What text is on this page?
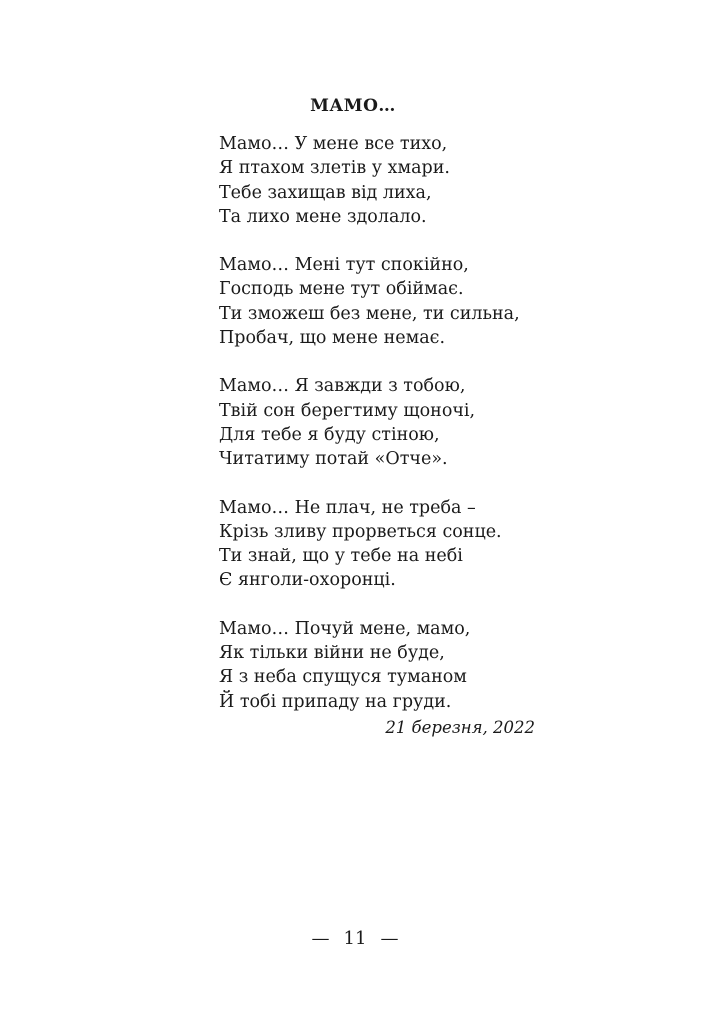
МАМО…
Мамо… У мене все тихо,
Я птахом злетів у хмари.
Тебе захищав від лиха,
Та лихо мене здолало.
Мамо… Мені тут спокійно,
Господь мене тут обіймає.
Ти зможеш без мене, ти сильна,
Пробач, що мене немає.
Мамо… Я завжди з тобою,
Твій сон берегтиму щоночі,
Для тебе я буду стіною,
Читатиму потай «Отче».
Мамо… Не плач, не треба –
Крізь зливу прорветься сонце.
Ти знай, що у тебе на небі
Є янголи-охоронці.
Мамо… Почуй мене, мамо,
Як тільки війни не буде,
Я з неба спущуся туманом
Й тобі припаду на груди.
21 березня, 2022
— 11 —
